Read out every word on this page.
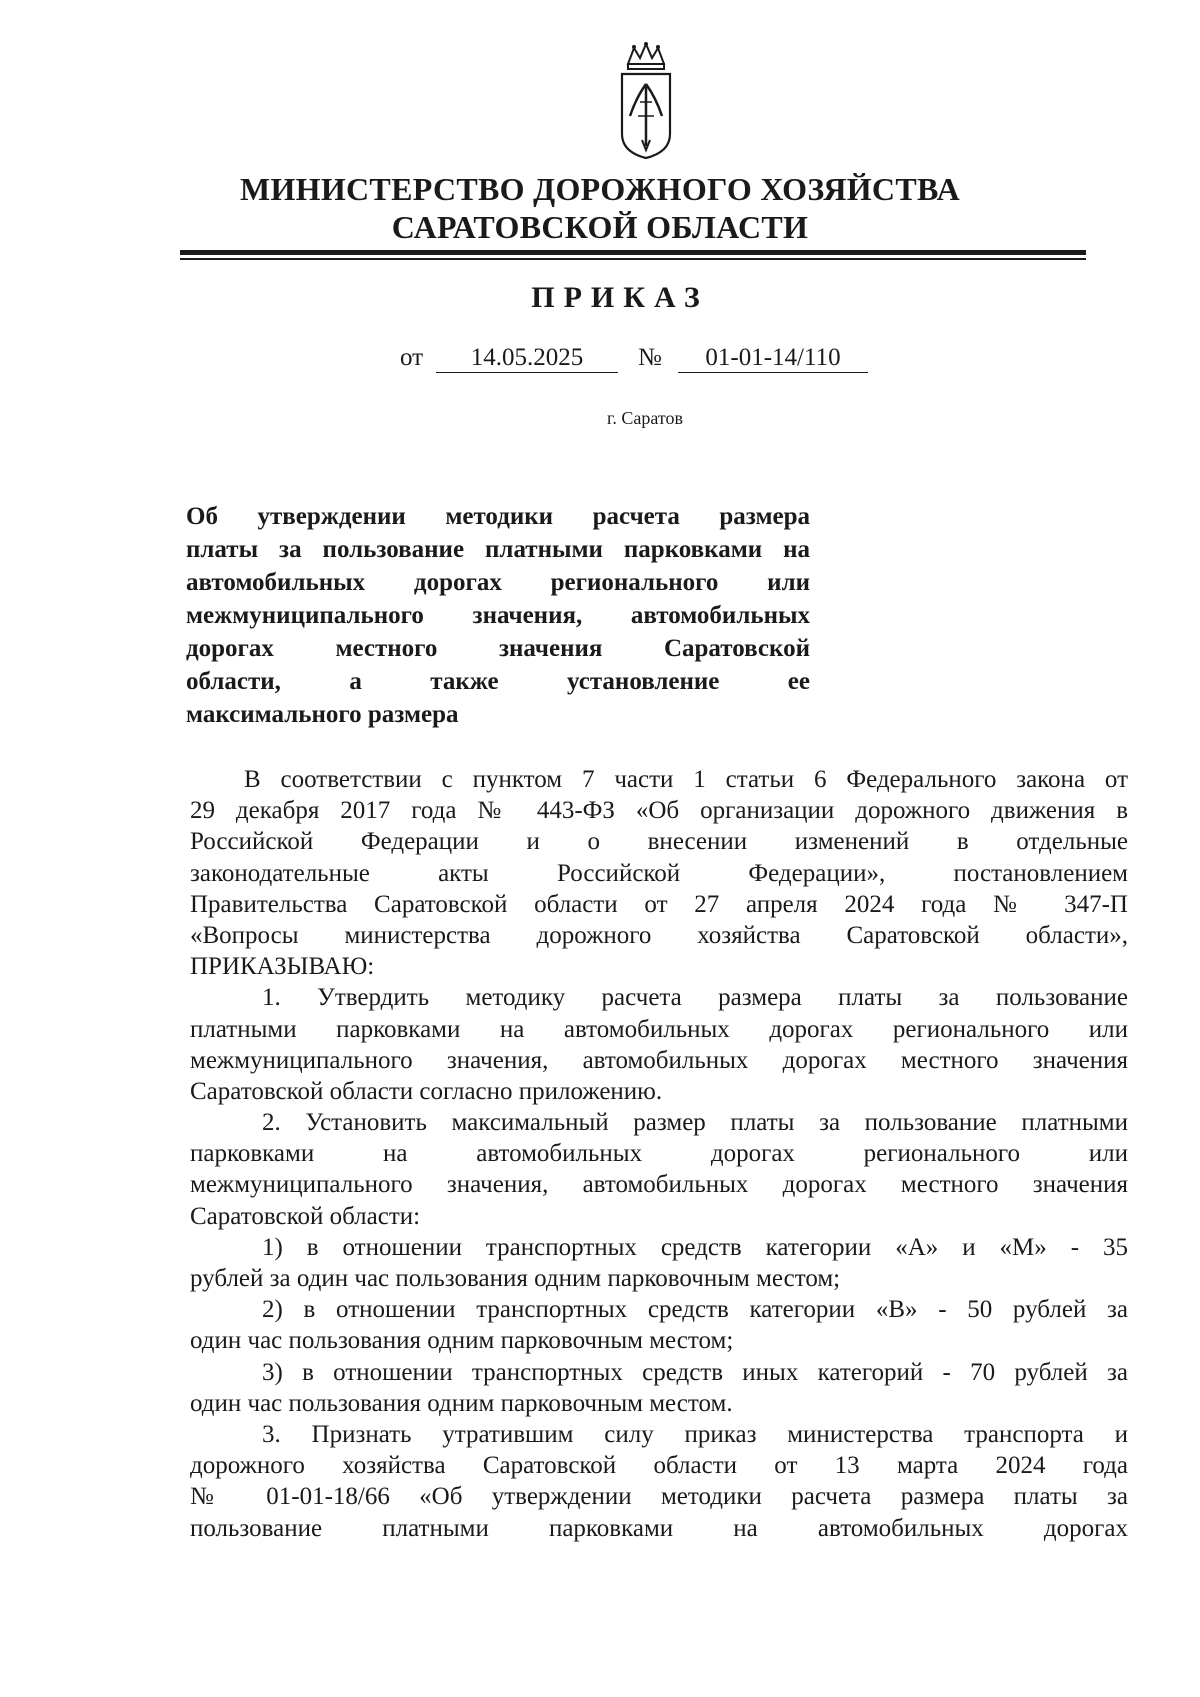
МИНИСТЕРСТВО ДОРОЖНОГО ХОЗЯЙСТВА
САРАТОВСКОЙ ОБЛАСТИ
ПРИКАЗ
от	14.05.2025	№	01-01-14/110
г. Саратов
Об утверждении методики расчета размера
платы за пользование платными парковками на
автомобильных дорогах регионального или
межмуниципального значения, автомобильных
дорогах местного значения Саратовской
области, а также установление ее
максимального размера
В соответствии с пунктом 7 части 1 статьи 6 Федерального закона от
29 декабря 2017 года № 443-ФЗ «Об организации дорожного движения в
Российской Федерации и о внесении изменений в отдельные
законодательные акты Российской Федерации», постановлением
Правительства Саратовской области от 27 апреля 2024 года № 347-П
«Вопросы министерства дорожного хозяйства Саратовской области»,
ПРИКАЗЫВАЮ:
1. Утвердить методику расчета размера платы за пользование
платными парковками на автомобильных дорогах регионального или
межмуниципального значения, автомобильных дорогах местного значения
Саратовской области согласно приложению.
2. Установить максимальный размер платы за пользование платными
парковками на автомобильных дорогах регионального или
межмуниципального значения, автомобильных дорогах местного значения
Саратовской области:
1) в отношении транспортных средств категории «А» и «М» - 35
рублей за один час пользования одним парковочным местом;
2) в отношении транспортных средств категории «В» - 50 рублей за
один час пользования одним парковочным местом;
3) в отношении транспортных средств иных категорий - 70 рублей за
один час пользования одним парковочным местом.
3. Признать утратившим силу приказ министерства транспорта и
дорожного хозяйства Саратовской области от 13 марта 2024 года
№ 01-01-18/66 «Об утверждении методики расчета размера платы за
пользование платными парковками на автомобильных дорогах
